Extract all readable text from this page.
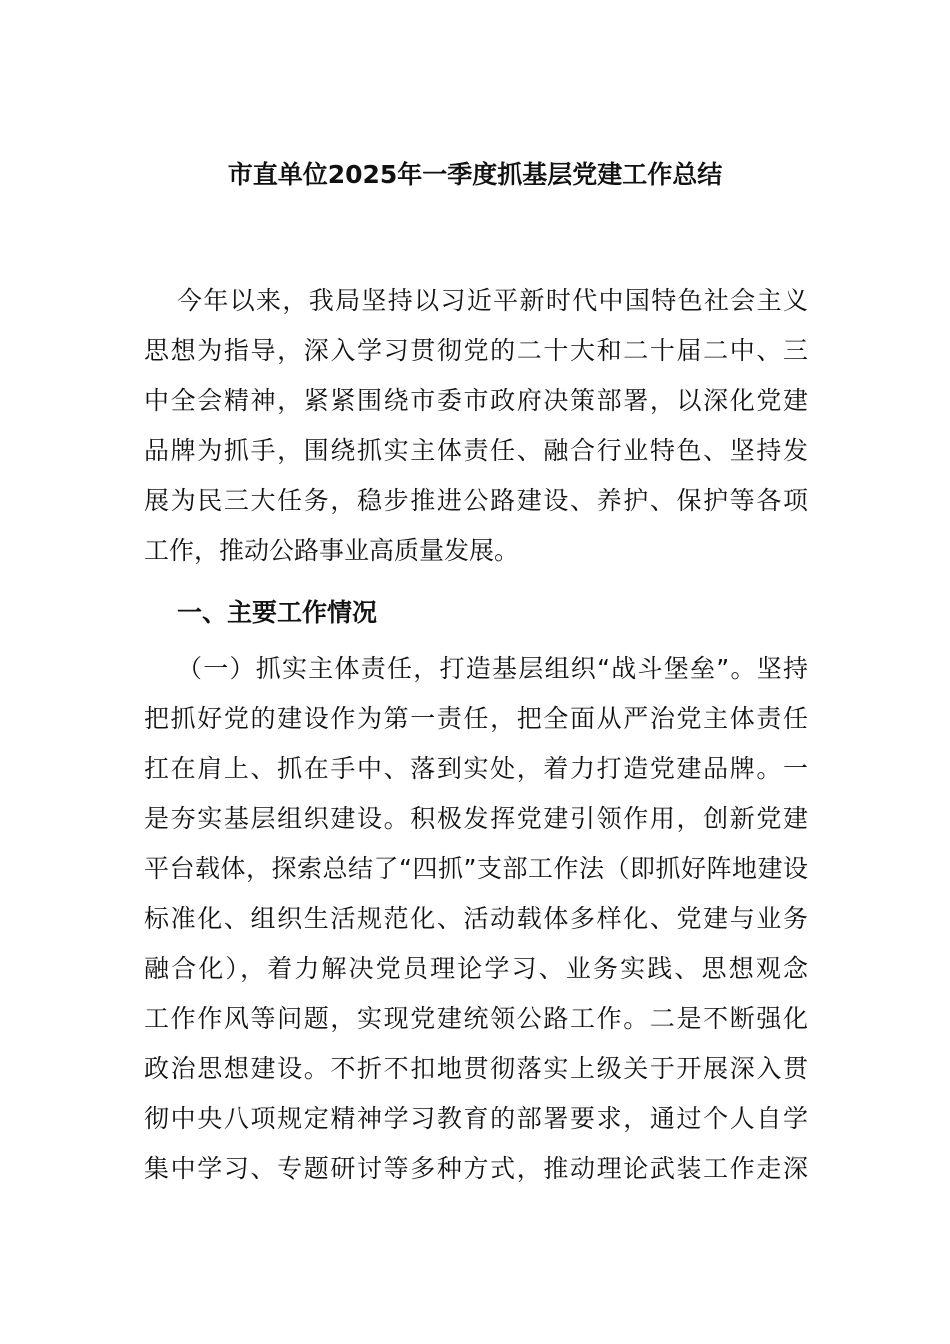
市直单位2025年一季度抓基层党建工作总结
今年以来，我局坚持以习近平新时代中国特色社会主义
思想为指导，深入学习贯彻党的二十大和二十届二中、三
中全会精神，紧紧围绕市委市政府决策部署，以深化党建
品牌为抓手，围绕抓实主体责任、融合行业特色、坚持发
展为民三大任务，稳步推进公路建设、养护、保护等各项
工作，推动公路事业高质量发展。
一、主要工作情况
（一）抓实主体责任，打造基层组织“战斗堡垒”。坚持
把抓好党的建设作为第一责任，把全面从严治党主体责任
扛在肩上、抓在手中、落到实处，着力打造党建品牌。一
是夯实基层组织建设。积极发挥党建引领作用，创新党建
平台载体，探索总结了“四抓”支部工作法（即抓好阵地建设
标准化、组织生活规范化、活动载体多样化、党建与业务
融合化），着力解决党员理论学习、业务实践、思想观念
工作作风等问题，实现党建统领公路工作。二是不断强化
政治思想建设。不折不扣地贯彻落实上级关于开展深入贯
彻中央八项规定精神学习教育的部署要求，通过个人自学
集中学习、专题研讨等多种方式，推动理论武装工作走深
